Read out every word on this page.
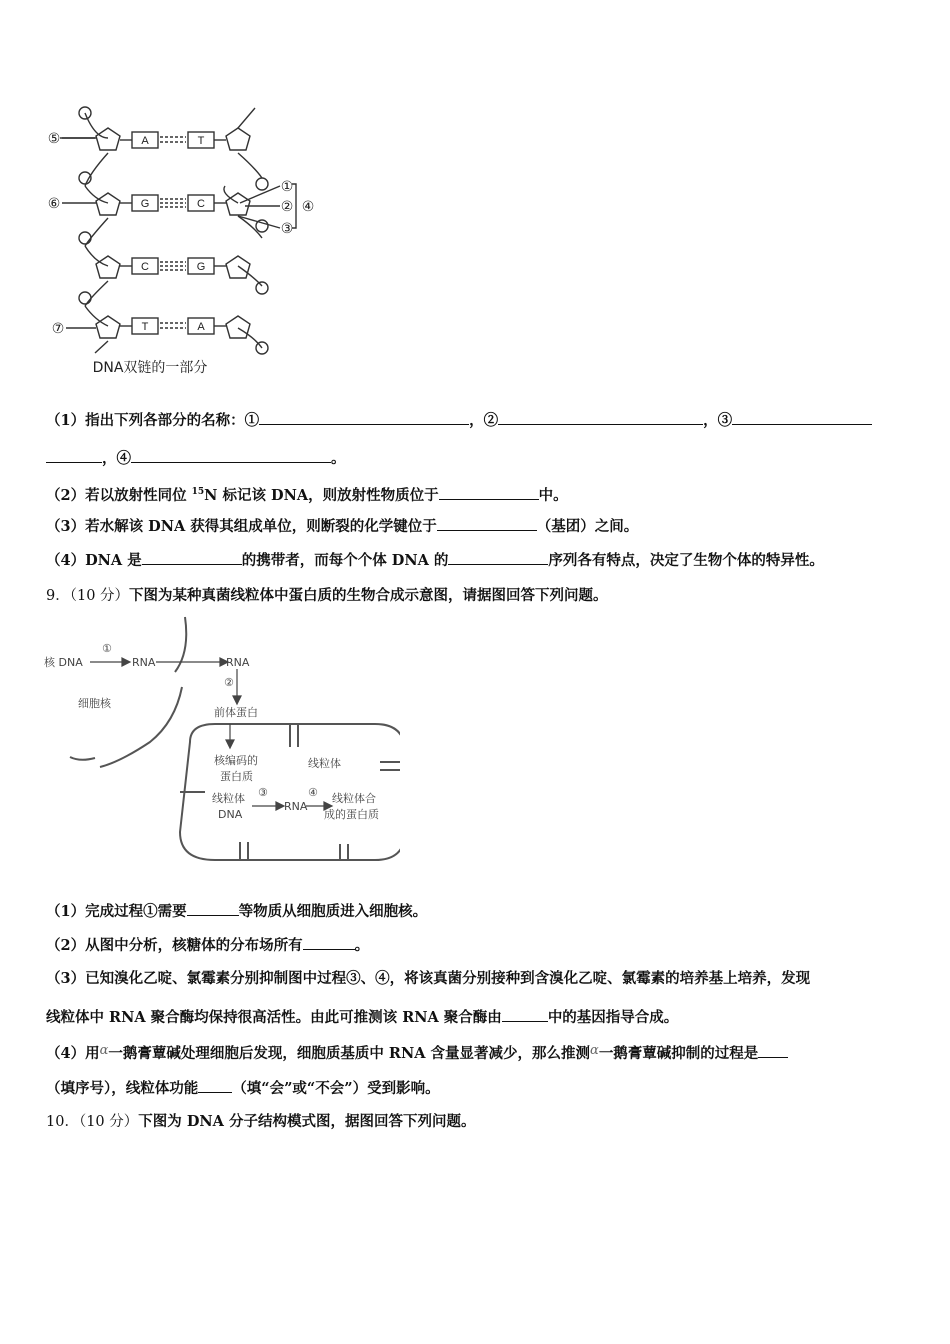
A	T
G	C
C	G
T	A
⑤
⑥
⑦
①
②
③
④
DNA双链的一部分
（1）指出下列各部分的名称：①	，②	，③
，④	。
（2）若以放射性同位 $^{15}$N 标记该 DNA，则放射性物质位于	中。
（3）若水解该 DNA 获得其组成单位，则断裂的化学键位于	（基团）之间。
（4）DNA 是	的携带者，而每个个体 DNA 的	序列各有特点，决定了生物个体的特异性。
9．（10 分）下图为某种真菌线粒体中蛋白质的生物合成示意图，请据图回答下列问题。
核 DNA	RNA	RNA
①
②
③	④
细胞核
前体蛋白
核编码的
蛋白质
线粒体
线粒体
DNA
RNA
线粒体合
成的蛋白质
（1）完成过程①需要	等物质从细胞质进入细胞核。
（2）从图中分析，核糖体的分布场所有	。
（3）已知溴化乙啶、氯霉素分别抑制图中过程③、④，将该真菌分别接种到含溴化乙啶、氯霉素的培养基上培养，发现
线粒体中 RNA 聚合酶均保持很高活性。由此可推测该 RNA 聚合酶由	中的基因指导合成。
（4）用α一鹅膏蕈碱处理细胞后发现，细胞质基质中 RNA 含量显著减少，那么推测α一鹅膏蕈碱抑制的过程是
（填序号），线粒体功能 （填“会”或“不会”）受到影响。
10．（10 分）下图为 DNA 分子结构模式图，据图回答下列问题。
